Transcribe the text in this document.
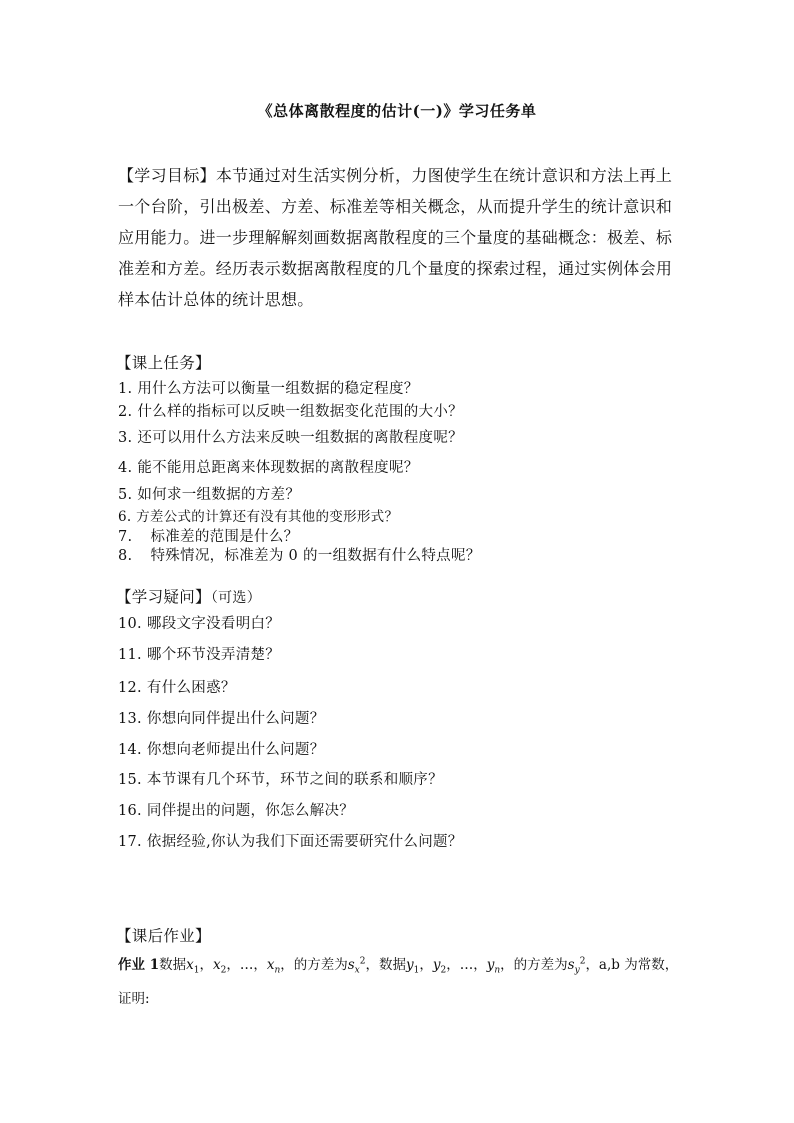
《总体离散程度的估计(一)》学习任务单
【学习目标】本节通过对生活实例分析，力图使学生在统计意识和方法上再上一个台阶，引出极差、方差、标准差等相关概念，从而提升学生的统计意识和应用能力。进一步理解解刻画数据离散程度的三个量度的基础概念：极差、标准差和方差。经历表示数据离散程度的几个量度的探索过程，通过实例体会用样本估计总体的统计思想。
【课上任务】
1. 用什么方法可以衡量一组数据的稳定程度？
2. 什么样的指标可以反映一组数据变化范围的大小？
3. 还可以用什么方法来反映一组数据的离散程度呢？
4. 能不能用总距离来体现数据的离散程度呢？
5. 如何求一组数据的方差？
6. 方差公式的计算还有没有其他的变形形式？
7. 标准差的范围是什么？
8. 特殊情况，标准差为 0 的一组数据有什么特点呢？
【学习疑问】（可选）
10. 哪段文字没看明白？
11. 哪个环节没弄清楚？
12. 有什么困惑？
13. 你想向同伴提出什么问题？
14. 你想向老师提出什么问题？
15. 本节课有几个环节，环节之间的联系和顺序？
16. 同伴提出的问题，你怎么解决？
17. 依据经验,你认为我们下面还需要研究什么问题？
【课后作业】
作业 1数据$x_1$，$x_2$，…，$x_n$，的方差为$s_x^2$，数据$y_1$，$y_2$，…，$y_n$，的方差为$s_y^2$，a,b 为常数，
证明:
